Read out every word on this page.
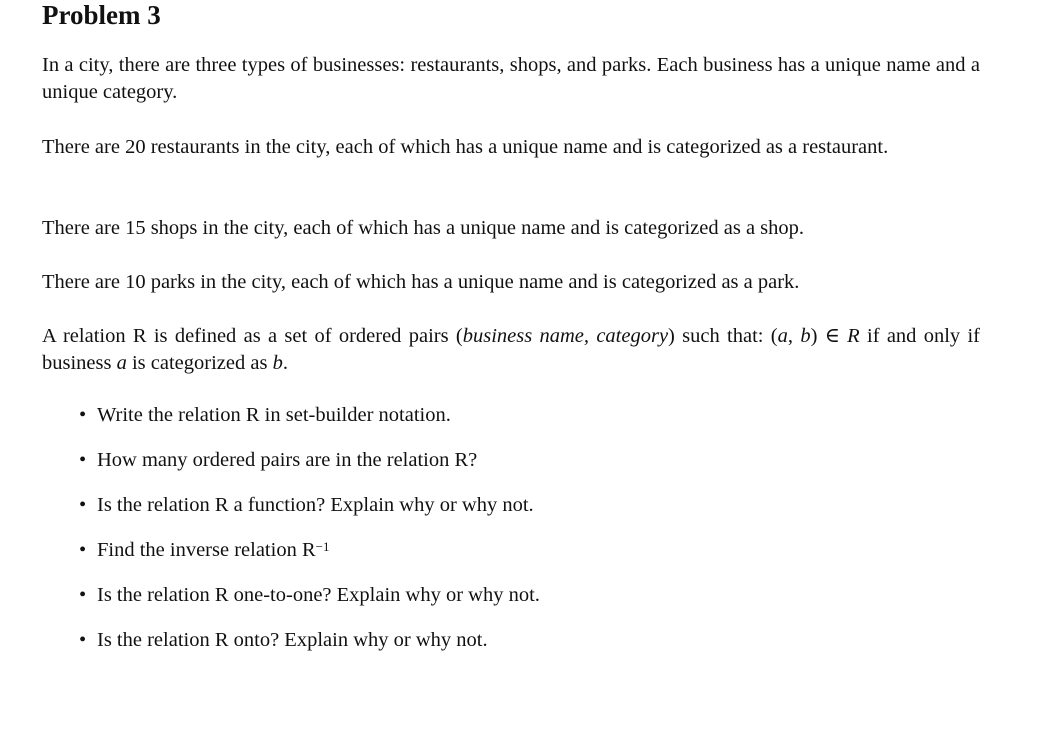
Problem 3
In a city, there are three types of businesses: restaurants, shops, and parks. Each business has a unique name and a unique category.
There are 20 restaurants in the city, each of which has a unique name and is categorized as a restaurant.
There are 15 shops in the city, each of which has a unique name and is categorized as a shop.
There are 10 parks in the city, each of which has a unique name and is categorized as a park.
A relation R is defined as a set of ordered pairs (business name, category) such that: (a, b) ∈ R if and only if business a is categorized as b.
• Write the relation R in set-builder notation.
• How many ordered pairs are in the relation R?
• Is the relation R a function? Explain why or why not.
• Find the inverse relation $R^{-1}$
• Is the relation R one-to-one? Explain why or why not.
• Is the relation R onto? Explain why or why not.
